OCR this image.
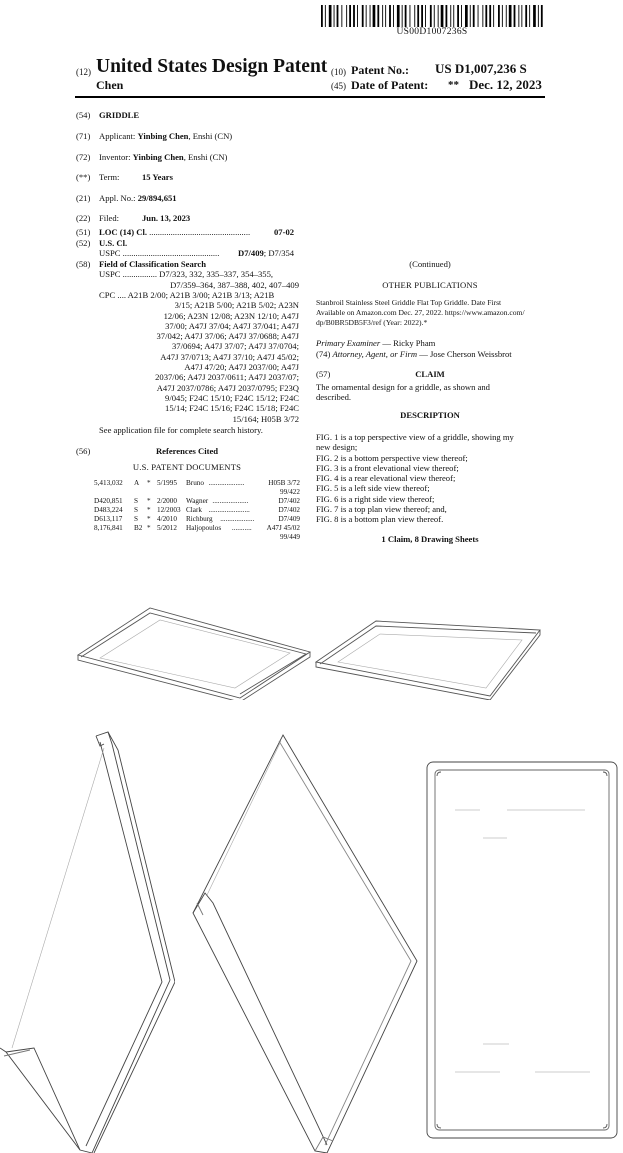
US00D1007236S
(12) United States Design Patent (10) Patent No.: US D1,007,236 S
Chen	(45) Date of Patent: ** Dec. 12, 2023
(54) GRIDDLE
(71) Applicant: Yinbing Chen, Enshi (CN)
(72) Inventor: Yinbing Chen, Enshi (CN)
(**) Term:	15 Years
(21) Appl. No.: 29/894,651
(22) Filed:	Jun. 13, 2023
(51) LOC (14) Cl. ...............................................	07-02
(52) U.S. Cl.
USPC .............................................	D7/409; D7/354
(58) Field of Classification Search
USPC ................ D7/323, 332, 335–337, 354–355,
D7/359–364, 387–388, 402, 407–409
CPC .... A21B 2/00; A21B 3/00; A21B 3/13; A21B
3/15; A21B 5/00; A21B 5/02; A23N
12/06; A23N 12/08; A23N 12/10; A47J
37/00; A47J 37/04; A47J 37/041; A47J
37/042; A47J 37/06; A47J 37/0688; A47J
37/0694; A47J 37/07; A47J 37/0704;
A47J 37/0713; A47J 37/10; A47J 45/02;
A47J 47/20; A47J 2037/00; A47J
2037/06; A47J 2037/0611; A47J 2037/07;
A47J 2037/0786; A47J 2037/0795; F23Q
9/045; F24C 15/10; F24C 15/12; F24C
15/14; F24C 15/16; F24C 15/18; F24C
15/164; H05B 3/72
See application file for complete search history.
(56)	References Cited
U.S. PATENT DOCUMENTS
5,413,032 A * 5/1995 Bruno ....................	H05B 3/72
99/422
D420,851 S * 2/2000 Wagner ....................	D7/402
D483,224 S * 12/2003 Clark .......................	D7/402
D613,117 S * 4/2010 Richburg ...................	D7/409
8,176,841 B2 * 5/2012 Haljopoulos ........... A47J 45/02
99/449
(Continued)
OTHER PUBLICATIONS
Stanbroil Stainless Steel Griddle Flat Top Griddle. Date First
Available on Amazon.com Dec. 27, 2022. https://www.amazon.com/
dp/B0BR5DB5F3/ref (Year: 2022).*
Primary Examiner — Ricky Pham
(74) Attorney, Agent, or Firm — Jose Cherson Weissbrot
(57)	CLAIM
The ornamental design for a griddle, as shown and
described.
DESCRIPTION
FIG. 1 is a top perspective view of a griddle, showing my
new design;
FIG. 2 is a bottom perspective view thereof;
FIG. 3 is a front elevational view thereof;
FIG. 4 is a rear elevational view thereof;
FIG. 5 is a left side view thereof;
FIG. 6 is a right side view thereof;
FIG. 7 is a top plan view thereof; and,
FIG. 8 is a bottom plan view thereof.
1 Claim, 8 Drawing Sheets
